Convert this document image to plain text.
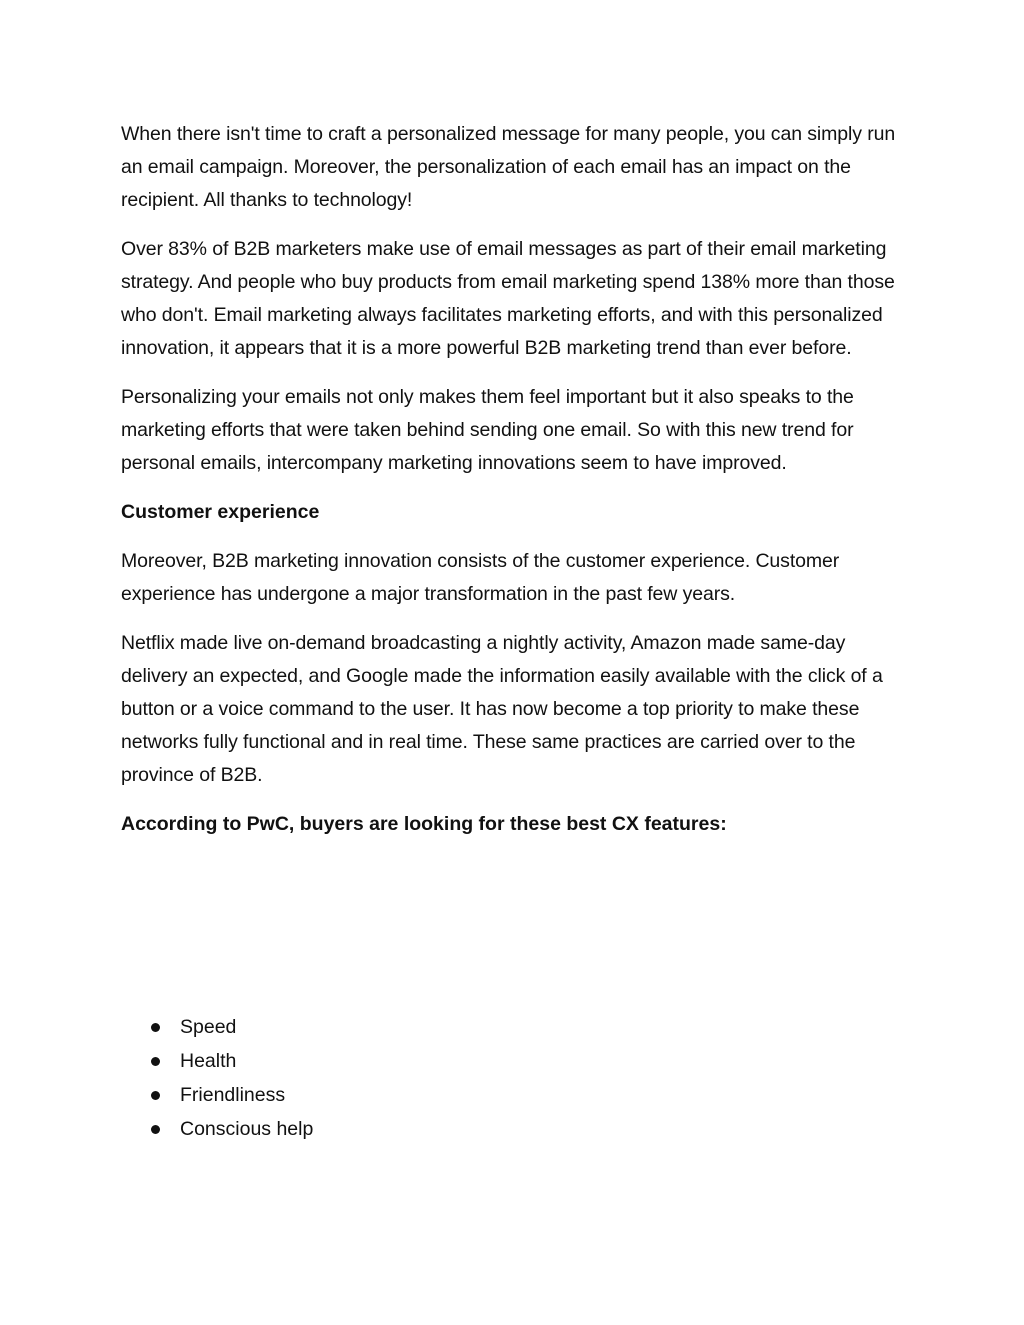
When there isn't time to craft a personalized message for many people, you can simply run an email campaign. Moreover, the personalization of each email has an impact on the recipient. All thanks to technology!

Over 83% of B2B marketers make use of email messages as part of their email marketing strategy. And people who buy products from email marketing spend 138% more than those who don't. Email marketing always facilitates marketing efforts, and with this personalized innovation, it appears that it is a more powerful B2B marketing trend than ever before.

Personalizing your emails not only makes them feel important but it also speaks to the marketing efforts that were taken behind sending one email. So with this new trend for personal emails, intercompany marketing innovations seem to have improved.

Customer experience

Moreover, B2B marketing innovation consists of the customer experience. Customer experience has undergone a major transformation in the past few years.

Netflix made live on-demand broadcasting a nightly activity, Amazon made same-day delivery an expected, and Google made the information easily available with the click of a button or a voice command to the user. It has now become a top priority to make these networks fully functional and in real time. These same practices are carried over to the province of B2B.

According to PwC, buyers are looking for these best CX features:

Speed
Health
Friendliness
Conscious help
